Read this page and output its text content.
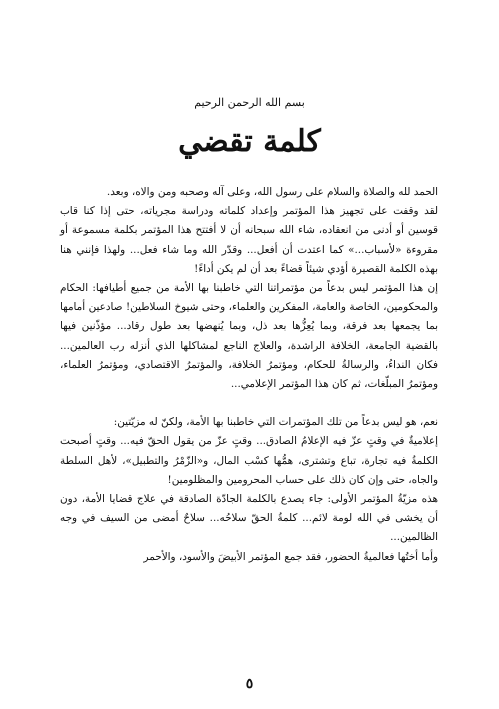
بسم الله الرحمن الرحيم
كلمة تقضي

الحمد لله والصلاة والسلام على رسول الله، وعلى آله وصحبه ومن والاه، وبعد.

لقد وقفت على تجهيز هذا المؤتمر وإعداد كلماته ودراسة مجرياته، حتى إذا كنا قاب قوسين أو أدنى من انعقاده، شاء الله سبحانه أن لا أفتتح هذا المؤتمر بكلمة مسموعة أو مقروءة «لأسباب...» كما اعتدت أن أفعل... وقدّر الله وما شاء فعل... ولهذا فإنني هنا بهذه الكلمة القصيرة أؤدي شيئاً قضاءً بعد أن لم يكن أداءً!

إن هذا المؤتمر ليس بدعاً من مؤتمراتنا التي خاطبنا بها الأمة من جميع أطيافها: الحكام والمحكومين، الخاصة والعامة، المفكرين والعلماء، وحتى شيوخ السلاطين! صادعين أمامها بما يجمعها بعد فرقة، وبما يُعِزُّها بعد ذل، وبما يُنهضها بعد طول رقاد... مؤذّنين فيها بالقضية الجامعة، الخلافة الراشدة، والعلاج الناجع لمشاكلها الذي أنزله رب العالمين... فكان النداءُ، والرسالةُ للحكام، ومؤتمرُ الخلافة، والمؤتمرُ الاقتصادي، ومؤتمرُ العلماء، ومؤتمرُ المبلّغات، ثم كان هذا المؤتمر الإعلامي...

نعم، هو ليس بدعاً من تلك المؤتمرات التي خاطبنا بها الأمة، ولكنّ له مزيّتين:

إعلاميةٌ في وقتٍ عزّ فيه الإعلامُ الصادق... وقتٍ عزّ من يقول الحقّ فيه... وقتٍ أصبحت الكلمةُ فيه تجارة، تباع وتشترى، همُّها كسْب المال، و«الزّمْرُ والتطبيل»، لأهل السلطة والجاه، حتى وإن كان ذلك على حساب المحرومين والمظلومين!

هذه مزيّةُ المؤتمر الأولى: جاء يصدع بالكلمة الجادّة الصادقة في علاج قضايا الأمة، دون أن يخشى في الله لومة لائم... كلمةُ الحقّ سلاحُه... سلاحٌ أمضى من السيف في وجه الظالمين...

وأما أختُها فعالميةُ الحضور، فقد جمع المؤتمر الأبيضَ والأسود، والأحمر

٥
